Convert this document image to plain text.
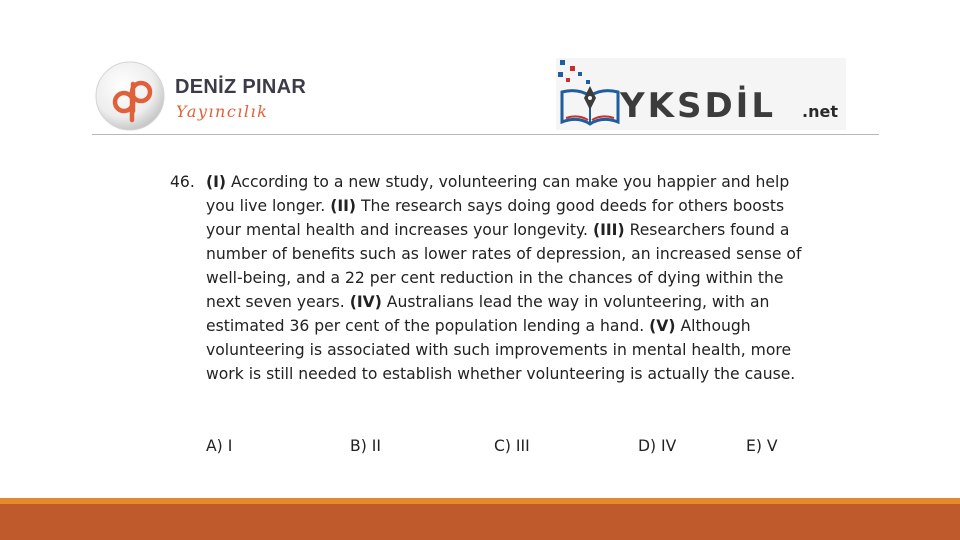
DENİZ PINAR
Yayıncılık	YKSDİL .net
46. (I) According to a new study, volunteering can make you happier and help you live longer. (II) The research says doing good deeds for others boosts your mental health and increases your longevity. (III) Researchers found a number of benefits such as lower rates of depression, an increased sense of well-being, and a 22 per cent reduction in the chances of dying within the next seven years. (IV) Australians lead the way in volunteering, with an estimated 36 per cent of the population lending a hand. (V) Although volunteering is associated with such improvements in mental health, more work is still needed to establish whether volunteering is actually the cause.
A) I	B) II	C) III	D) IV	E) V
